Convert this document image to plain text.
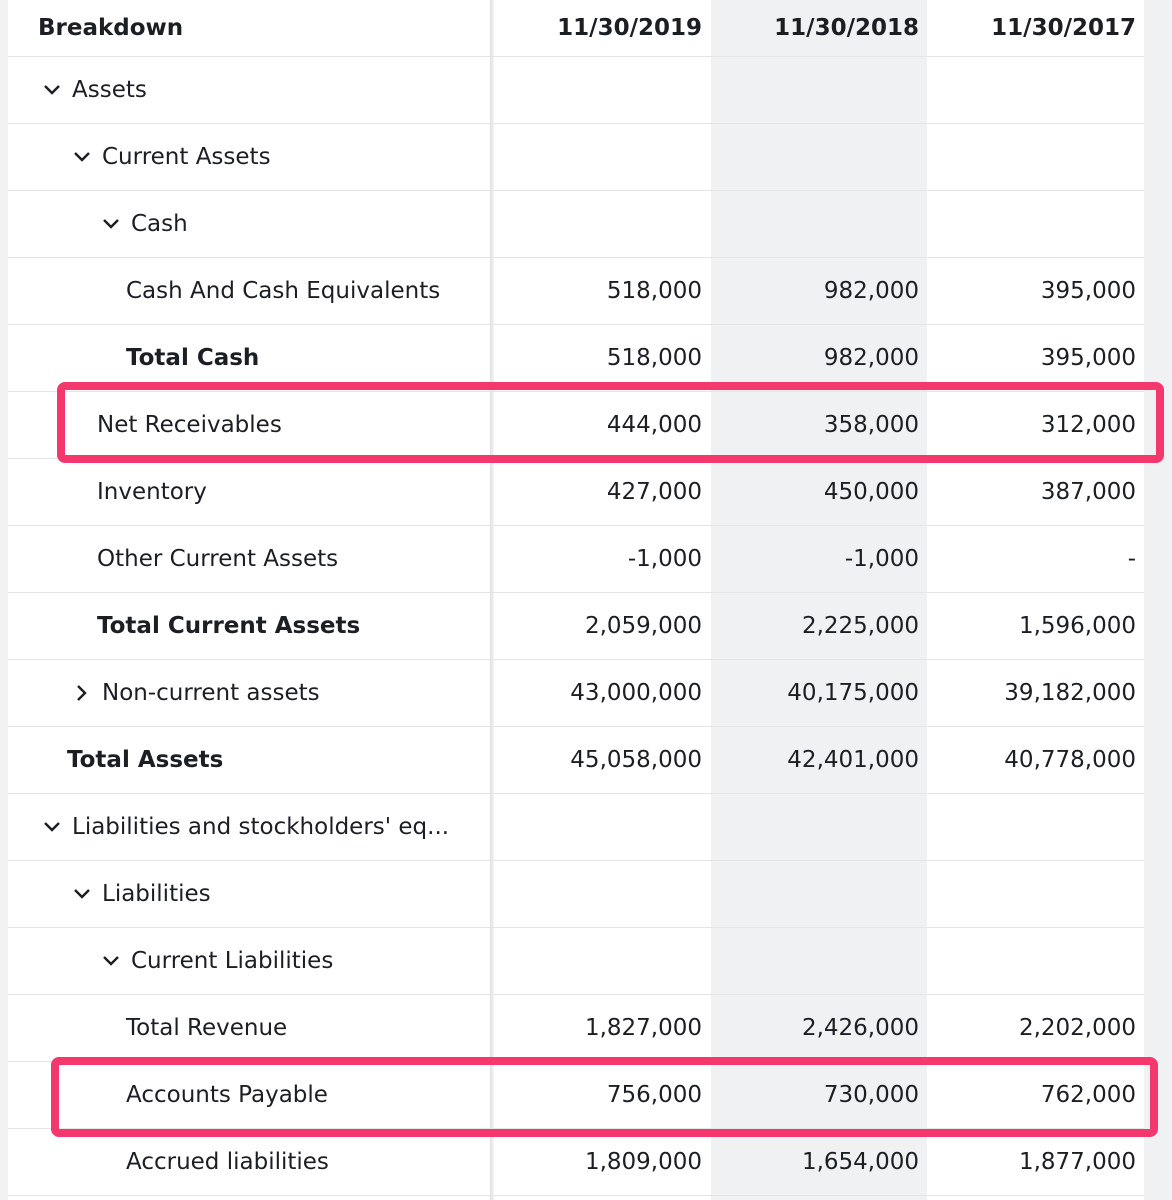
Breakdown	11/30/2019	11/30/2018	11/30/2017
Assets
Current Assets
Cash
Cash And Cash Equivalents	518,000	982,000	395,000
Total Cash	518,000	982,000	395,000
Net Receivables	444,000	358,000	312,000
Inventory	427,000	450,000	387,000
Other Current Assets	-1,000	-1,000	-
Total Current Assets	2,059,000	2,225,000	1,596,000
Non-current assets	43,000,000	40,175,000	39,182,000
Total Assets	45,058,000	42,401,000	40,778,000
Liabilities and stockholders' eq...
Liabilities
Current Liabilities
Total Revenue	1,827,000	2,426,000	2,202,000
Accounts Payable	756,000	730,000	762,000
Accrued liabilities	1,809,000	1,654,000	1,877,000
